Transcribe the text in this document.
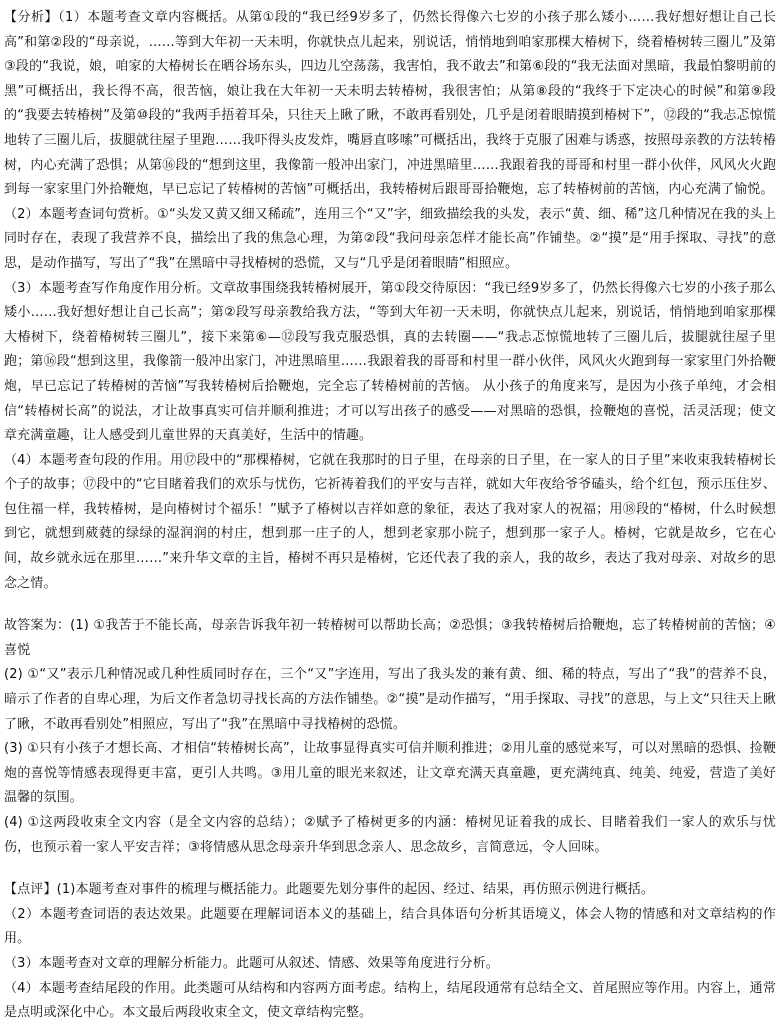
【分析】（1）本题考查文章内容概括。从第①段的“我已经9岁多了，仍然长得像六七岁的小孩子那么矮小……我好想好想让自己长高”和第②段的“母亲说，……等到大年初一天未明，你就快点儿起来，别说话，悄悄地到咱家那棵大椿树下，绕着椿树转三圈儿”及第③段的“我说，娘，咱家的大椿树长在晒谷场东头，四边儿空荡荡，我害怕，我不敢去”和第⑥段的“我无法面对黑暗，我最怕黎明前的黑”可概括出，我长得不高，很苦恼，娘让我在大年初一天未明去转椿树，我很害怕；从第⑧段的“我终于下定决心的时候”和第⑨段的“我要去转椿树”及第⑩段的“我两手捂着耳朵，只往天上瞅了瞅，不敢再看别处，几乎是闭着眼睛摸到椿树下”，⑫段的“我忐忑惊慌地转了三圈儿后，拔腿就往屋子里跑……我吓得头皮发炸，嘴唇直哆嗦”可概括出，我终于克服了困难与诱惑，按照母亲教的方法转椿树，内心充满了恐惧；从第⑯段的“想到这里，我像箭一般冲出家门，冲进黑暗里……我跟着我的哥哥和村里一群小伙伴，风风火火跑到每一家家里门外拾鞭炮，早已忘记了转椿树的苦恼”可概括出，我转椿树后跟哥哥拾鞭炮，忘了转椿树前的苦恼，内心充满了愉悦。

（2）本题考查词句赏析。①“头发又黄又细又稀疏”，连用三个“又”字，细致描绘我的头发，表示“黄、细、稀”这几种情况在我的头上同时存在，表现了我营养不良，描绘出了我的焦急心理，为第②段“我问母亲怎样才能长高”作铺垫。②“摸”是“用手探取、寻找”的意思，是动作描写，写出了“我”在黑暗中寻找椿树的恐慌，又与“几乎是闭着眼睛”相照应。

（3）本题考查写作角度作用分析。文章故事围绕我转椿树展开，第①段交待原因：“我已经9岁多了，仍然长得像六七岁的小孩子那么矮小……我好想好想让自己长高”；第②段写母亲教给我方法，“等到大年初一天未明，你就快点儿起来，别说话，悄悄地到咱家那棵大椿树下，绕着椿树转三圈儿”，接下来第⑥—⑫段写我克服恐惧，真的去转圈——“我忐忑惊慌地转了三圈儿后，拔腿就往屋子里跑；第⑯段“想到这里，我像箭一般冲出家门，冲进黑暗里……我跟着我的哥哥和村里一群小伙伴，风风火火跑到每一家家里门外拾鞭炮，早已忘记了转椿树的苦恼”写我转椿树后拾鞭炮，完全忘了转椿树前的苦恼。 从小孩子的角度来写，是因为小孩子单纯，才会相信“转椿树长高”的说法，才让故事真实可信并顺利推进；才可以写出孩子的感受——对黑暗的恐惧，捡鞭炮的喜悦，活灵活现；使文章充满童趣，让人感受到儿童世界的天真美好，生活中的情趣。

（4）本题考查句段的作用。用⑰段中的“那棵椿树，它就在我那时的日子里，在母亲的日子里，在一家人的日子里”来收束我转椿树长个子的故事；⑰段中的“它目睹着我们的欢乐与忧伤，它祈祷着我们的平安与吉祥，就如大年夜给爷爷磕头，给个红包，预示压住岁、包住福一样，我转椿树，是向椿树讨个福乐！”赋予了椿树以吉祥如意的象征，表达了我对家人的祝福；用⑱段的“椿树，什么时候想到它，就想到葳蕤的绿绿的湿润润的村庄，想到那一庄子的人，想到老家那小院子，想到那一家子人。椿树，它就是故乡，它在心间，故乡就永远在那里……”来升华文章的主旨，椿树不再只是椿树，它还代表了我的亲人，我的故乡，表达了我对母亲、对故乡的思念之情。

故答案为：(1) ①我苦于不能长高，母亲告诉我年初一转椿树可以帮助长高；②恐惧；③我转椿树后拾鞭炮，忘了转椿树前的苦恼；④喜悦

(2) ①“又”表示几种情况或几种性质同时存在，三个“又”字连用，写出了我头发的兼有黄、细、稀的特点，写出了“我”的营养不良，暗示了作者的自卑心理，为后文作者急切寻找长高的方法作铺垫。②“摸”是动作描写，“用手探取、寻找”的意思，与上文“只往天上瞅了瞅，不敢再看别处”相照应，写出了“我”在黑暗中寻找椿树的恐慌。

(3) ①只有小孩子才想长高、才相信“转椿树长高”，让故事显得真实可信并顺利推进；②用儿童的感觉来写，可以对黑暗的恐惧、捡鞭炮的喜悦等情感表现得更丰富，更引人共鸣。③用儿童的眼光来叙述，让文章充满天真童趣，更充满纯真、纯美、纯爱，营造了美好温馨的氛围。

(4) ①这两段收束全文内容（是全文内容的总结）；②赋予了椿树更多的内涵：椿树见证着我的成长、目睹着我们一家人的欢乐与忧伤，也预示着一家人平安吉祥；③将情感从思念母亲升华到思念亲人、思念故乡，言简意远，令人回味。

【点评】(1)本题考查对事件的梳理与概括能力。此题要先划分事件的起因、经过、结果，再仿照示例进行概括。

（2）本题考查词语的表达效果。此题要在理解词语本义的基础上，结合具体语句分析其语境义，体会人物的情感和对文章结构的作用。

（3）本题考查对文章的理解分析能力。此题可从叙述、情感、效果等角度进行分析。

（4）本题考查结尾段的作用。此类题可从结构和内容两方面考虑。结构上，结尾段通常有总结全文、首尾照应等作用。内容上，通常是点明或深化中心。本文最后两段收束全文，使文章结构完整。
